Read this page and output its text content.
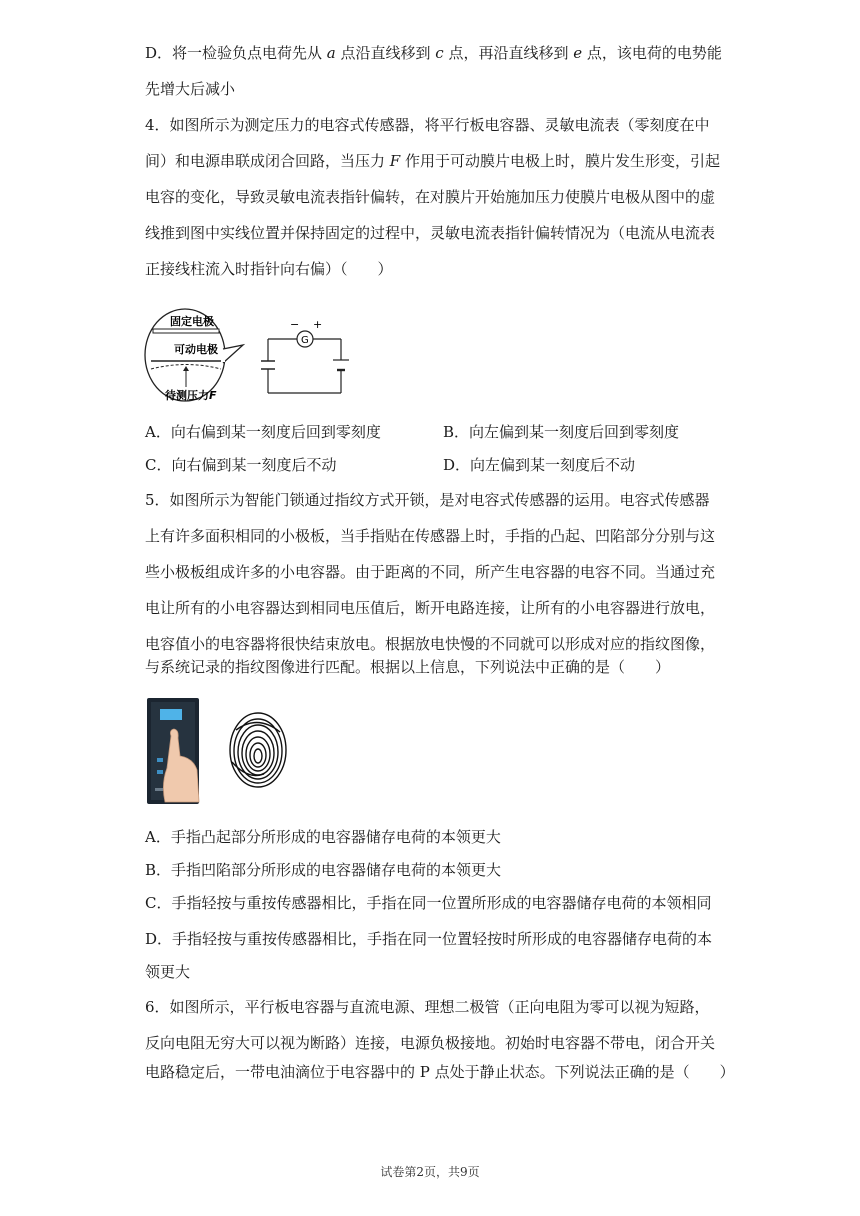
D．将一检验负点电荷先从 a 点沿直线移到 c 点，再沿直线移到 e 点，该电荷的电势能
先增大后减小
4．如图所示为测定压力的电容式传感器，将平行板电容器、灵敏电流表（零刻度在中
间）和电源串联成闭合回路，当压力 F 作用于可动膜片电极上时，膜片发生形变，引起
电容的变化，导致灵敏电流表指针偏转，在对膜片开始施加压力使膜片电极从图中的虚
线推到图中实线位置并保持固定的过程中，灵敏电流表指针偏转情况为（电流从电流表
正接线柱流入时指针向右偏）（　　）
固定电极
可动电极
待测压力F
G
− +
A．向右偏到某一刻度后回到零刻度	B．向左偏到某一刻度后回到零刻度
C．向右偏到某一刻度后不动	D．向左偏到某一刻度后不动
5．如图所示为智能门锁通过指纹方式开锁，是对电容式传感器的运用。电容式传感器
上有许多面积相同的小极板，当手指贴在传感器上时，手指的凸起、凹陷部分分别与这
些小极板组成许多的小电容器。由于距离的不同，所产生电容器的电容不同。当通过充
电让所有的小电容器达到相同电压值后，断开电路连接，让所有的小电容器进行放电，
电容值小的电容器将很快结束放电。根据放电快慢的不同就可以形成对应的指纹图像，
与系统记录的指纹图像进行匹配。根据以上信息，下列说法中正确的是（　　）
A．手指凸起部分所形成的电容器储存电荷的本领更大
B．手指凹陷部分所形成的电容器储存电荷的本领更大
C．手指轻按与重按传感器相比，手指在同一位置所形成的电容器储存电荷的本领相同
D．手指轻按与重按传感器相比，手指在同一位置轻按时所形成的电容器储存电荷的本
领更大
6．如图所示，平行板电容器与直流电源、理想二极管（正向电阻为零可以视为短路，
反向电阻无穷大可以视为断路）连接，电源负极接地。初始时电容器不带电，闭合开关
电路稳定后，一带电油滴位于电容器中的 P 点处于静止状态。下列说法正确的是（　　）
试卷第2页，共9页
